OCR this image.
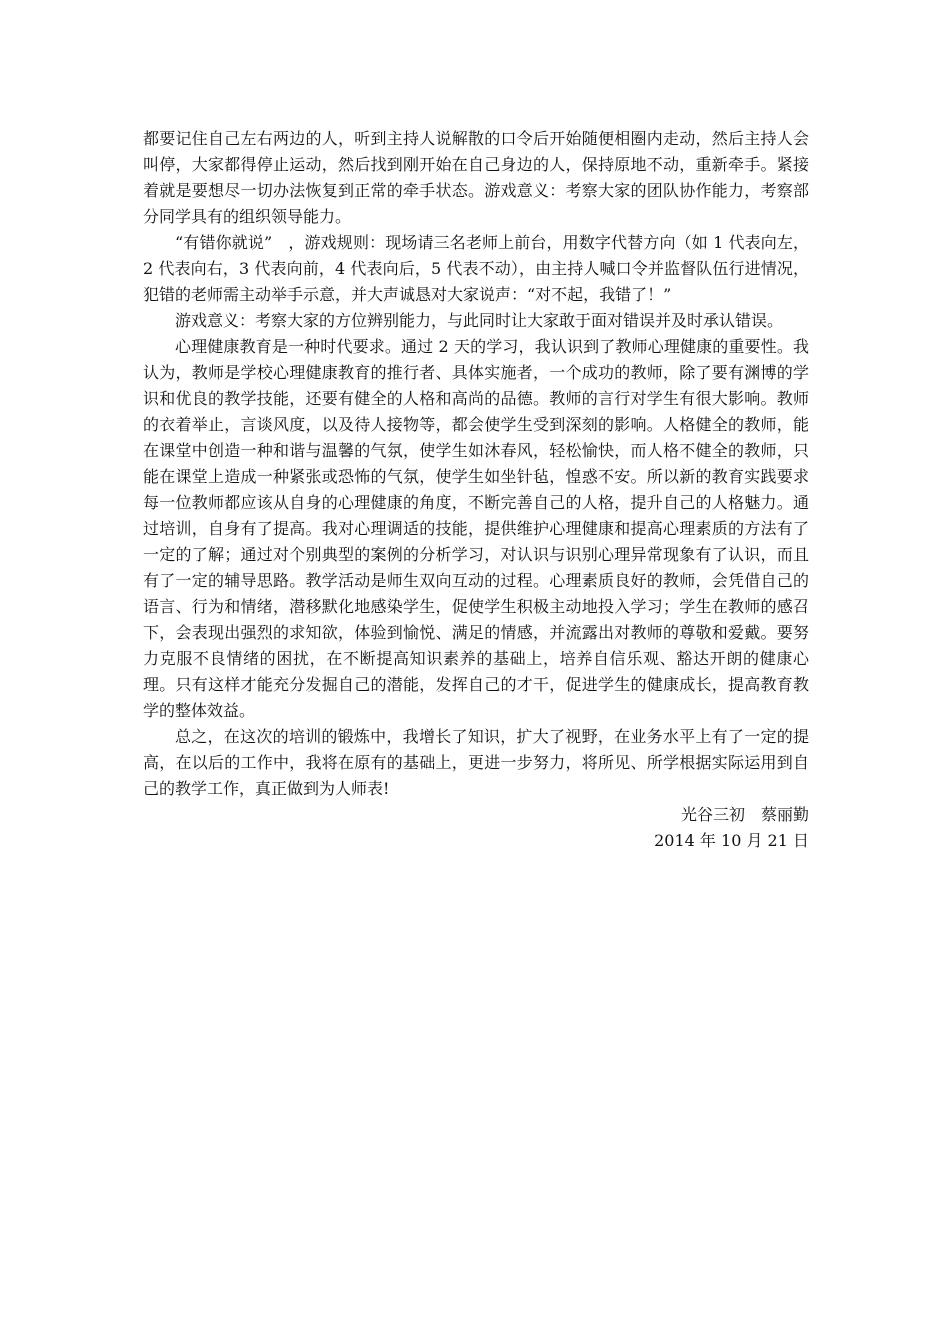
都要记住自己左右两边的人，听到主持人说解散的口令后开始随便相圈内走动，然后主持人会叫停，大家都得停止运动，然后找到刚开始在自己身边的人，保持原地不动，重新牵手。紧接着就是要想尽一切办法恢复到正常的牵手状态。游戏意义：考察大家的团队协作能力，考察部分同学具有的组织领导能力。

“有错你就说”　，游戏规则：现场请三名老师上前台，用数字代替方向（如 1 代表向左，2 代表向右，3 代表向前，4 代表向后，5 代表不动），由主持人喊口令并监督队伍行进情况，犯错的老师需主动举手示意，并大声诚恳对大家说声：“对不起，我错了！”

游戏意义：考察大家的方位辨别能力，与此同时让大家敢于面对错误并及时承认错误。

心理健康教育是一种时代要求。通过 2 天的学习，我认识到了教师心理健康的重要性。我认为，教师是学校心理健康教育的推行者、具体实施者，一个成功的教师，除了要有渊博的学识和优良的教学技能，还要有健全的人格和高尚的品德。教师的言行对学生有很大影响。教师的衣着举止，言谈风度，以及待人接物等，都会使学生受到深刻的影响。人格健全的教师，能在课堂中创造一种和谐与温馨的气氛，使学生如沐春风，轻松愉快，而人格不健全的教师，只能在课堂上造成一种紧张或恐怖的气氛，使学生如坐针毡，惶惑不安。所以新的教育实践要求每一位教师都应该从自身的心理健康的角度，不断完善自己的人格，提升自己的人格魅力。通过培训，自身有了提高。我对心理调适的技能，提供维护心理健康和提高心理素质的方法有了一定的了解；通过对个别典型的案例的分析学习，对认识与识别心理异常现象有了认识，而且有了一定的辅导思路。教学活动是师生双向互动的过程。心理素质良好的教师，会凭借自己的语言、行为和情绪，潜移默化地感染学生，促使学生积极主动地投入学习；学生在教师的感召下，会表现出强烈的求知欲，体验到愉悦、满足的情感，并流露出对教师的尊敬和爱戴。要努力克服不良情绪的困扰，在不断提高知识素养的基础上，培养自信乐观、豁达开朗的健康心理。只有这样才能充分发掘自己的潜能，发挥自己的才干，促进学生的健康成长，提高教育教学的整体效益。

总之，在这次的培训的锻炼中，我增长了知识，扩大了视野，在业务水平上有了一定的提高，在以后的工作中，我将在原有的基础上，更进一步努力，将所见、所学根据实际运用到自己的教学工作，真正做到为人师表!

光谷三初　蔡丽勤

2014 年 10 月 21 日
